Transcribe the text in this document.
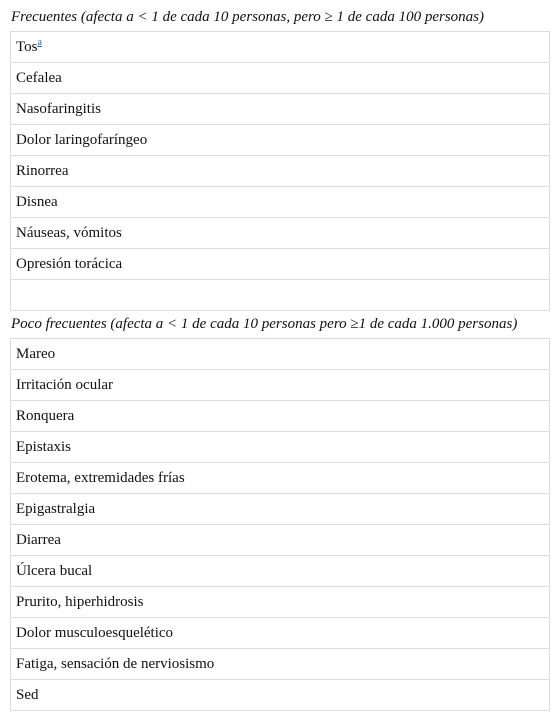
Frecuentes (afecta a < 1 de cada 10 personas, pero ≥ 1 de cada 100 personas)
Tos$^a$
Cefalea
Nasofaringitis
Dolor laringofaríngeo
Rinorrea
Disnea
Náuseas, vómitos
Opresión torácica
Poco frecuentes (afecta a < 1 de cada 10 personas pero ≥1 de cada 1.000 personas)
Mareo
Irritación ocular
Ronquera
Epistaxis
Erotema, extremidades frías
Epigastralgia
Diarrea
Úlcera bucal
Prurito, hiperhidrosis
Dolor musculoesquelético
Fatiga, sensación de nerviosismo
Sed
